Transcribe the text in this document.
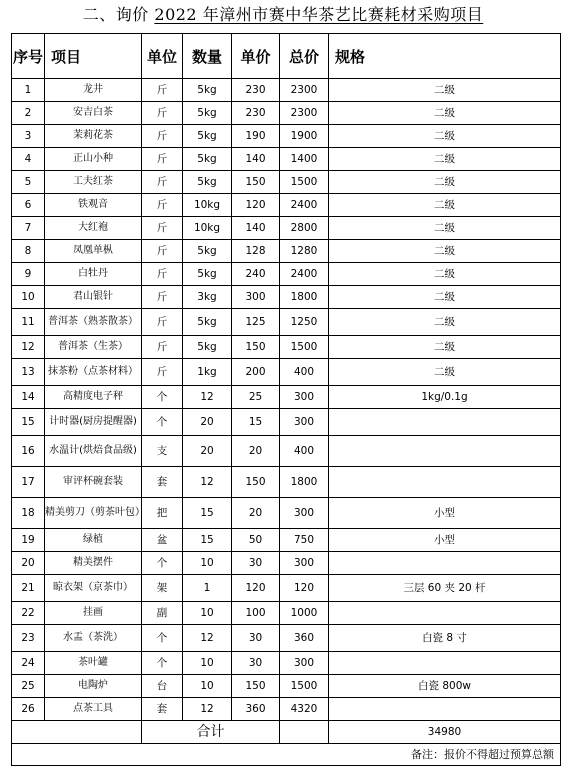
二、询价 2022 年漳州市赛中华茶艺比赛耗材采购项目
序号	项目	单位	数量	单价	总价	规格
1	龙井	斤	5kg	230	2300	二级
2	安吉白茶	斤	5kg	230	2300	二级
3	茉莉花茶	斤	5kg	190	1900	二级
4	正山小种	斤	5kg	140	1400	二级
5	工夫红茶	斤	5kg	150	1500	二级
6	铁观音	斤	10kg	120	2400	二级
7	大红袍	斤	10kg	140	2800	二级
8	凤凰单枞	斤	5kg	128	1280	二级
9	白牡丹	斤	5kg	240	2400	二级
10	君山银针	斤	3kg	300	1800	二级
11	普洱茶（熟茶散茶）	斤	5kg	125	1250	二级
12	普洱茶（生茶）	斤	5kg	150	1500	二级
13	抹茶粉（点茶材料）	斤	1kg	200	400	二级
14	高精度电子秤	个	12	25	300	1kg/0.1g
15	计时器(厨房提醒器)	个	20	15	300	
16	水温计(烘焙食品级)	支	20	20	400	
17	审评杯碗套装	套	12	150	1800	
18	精美剪刀（剪茶叶包）	把	15	20	300	小型
19	绿植	盆	15	50	750	小型
20	精美摆件	个	10	30	300	
21	晾衣架（京茶巾）	架	1	120	120	三层 60 夹 20 杆
22	挂画	副	10	100	1000	
23	水盂（茶洗）	个	12	30	360	白瓷 8 寸
24	茶叶罐	个	10	30	300	
25	电陶炉	台	10	150	1500	白瓷 800w
26	点茶工具	套	12	360	4320	
		合计				34980
备注：报价不得超过预算总额						
